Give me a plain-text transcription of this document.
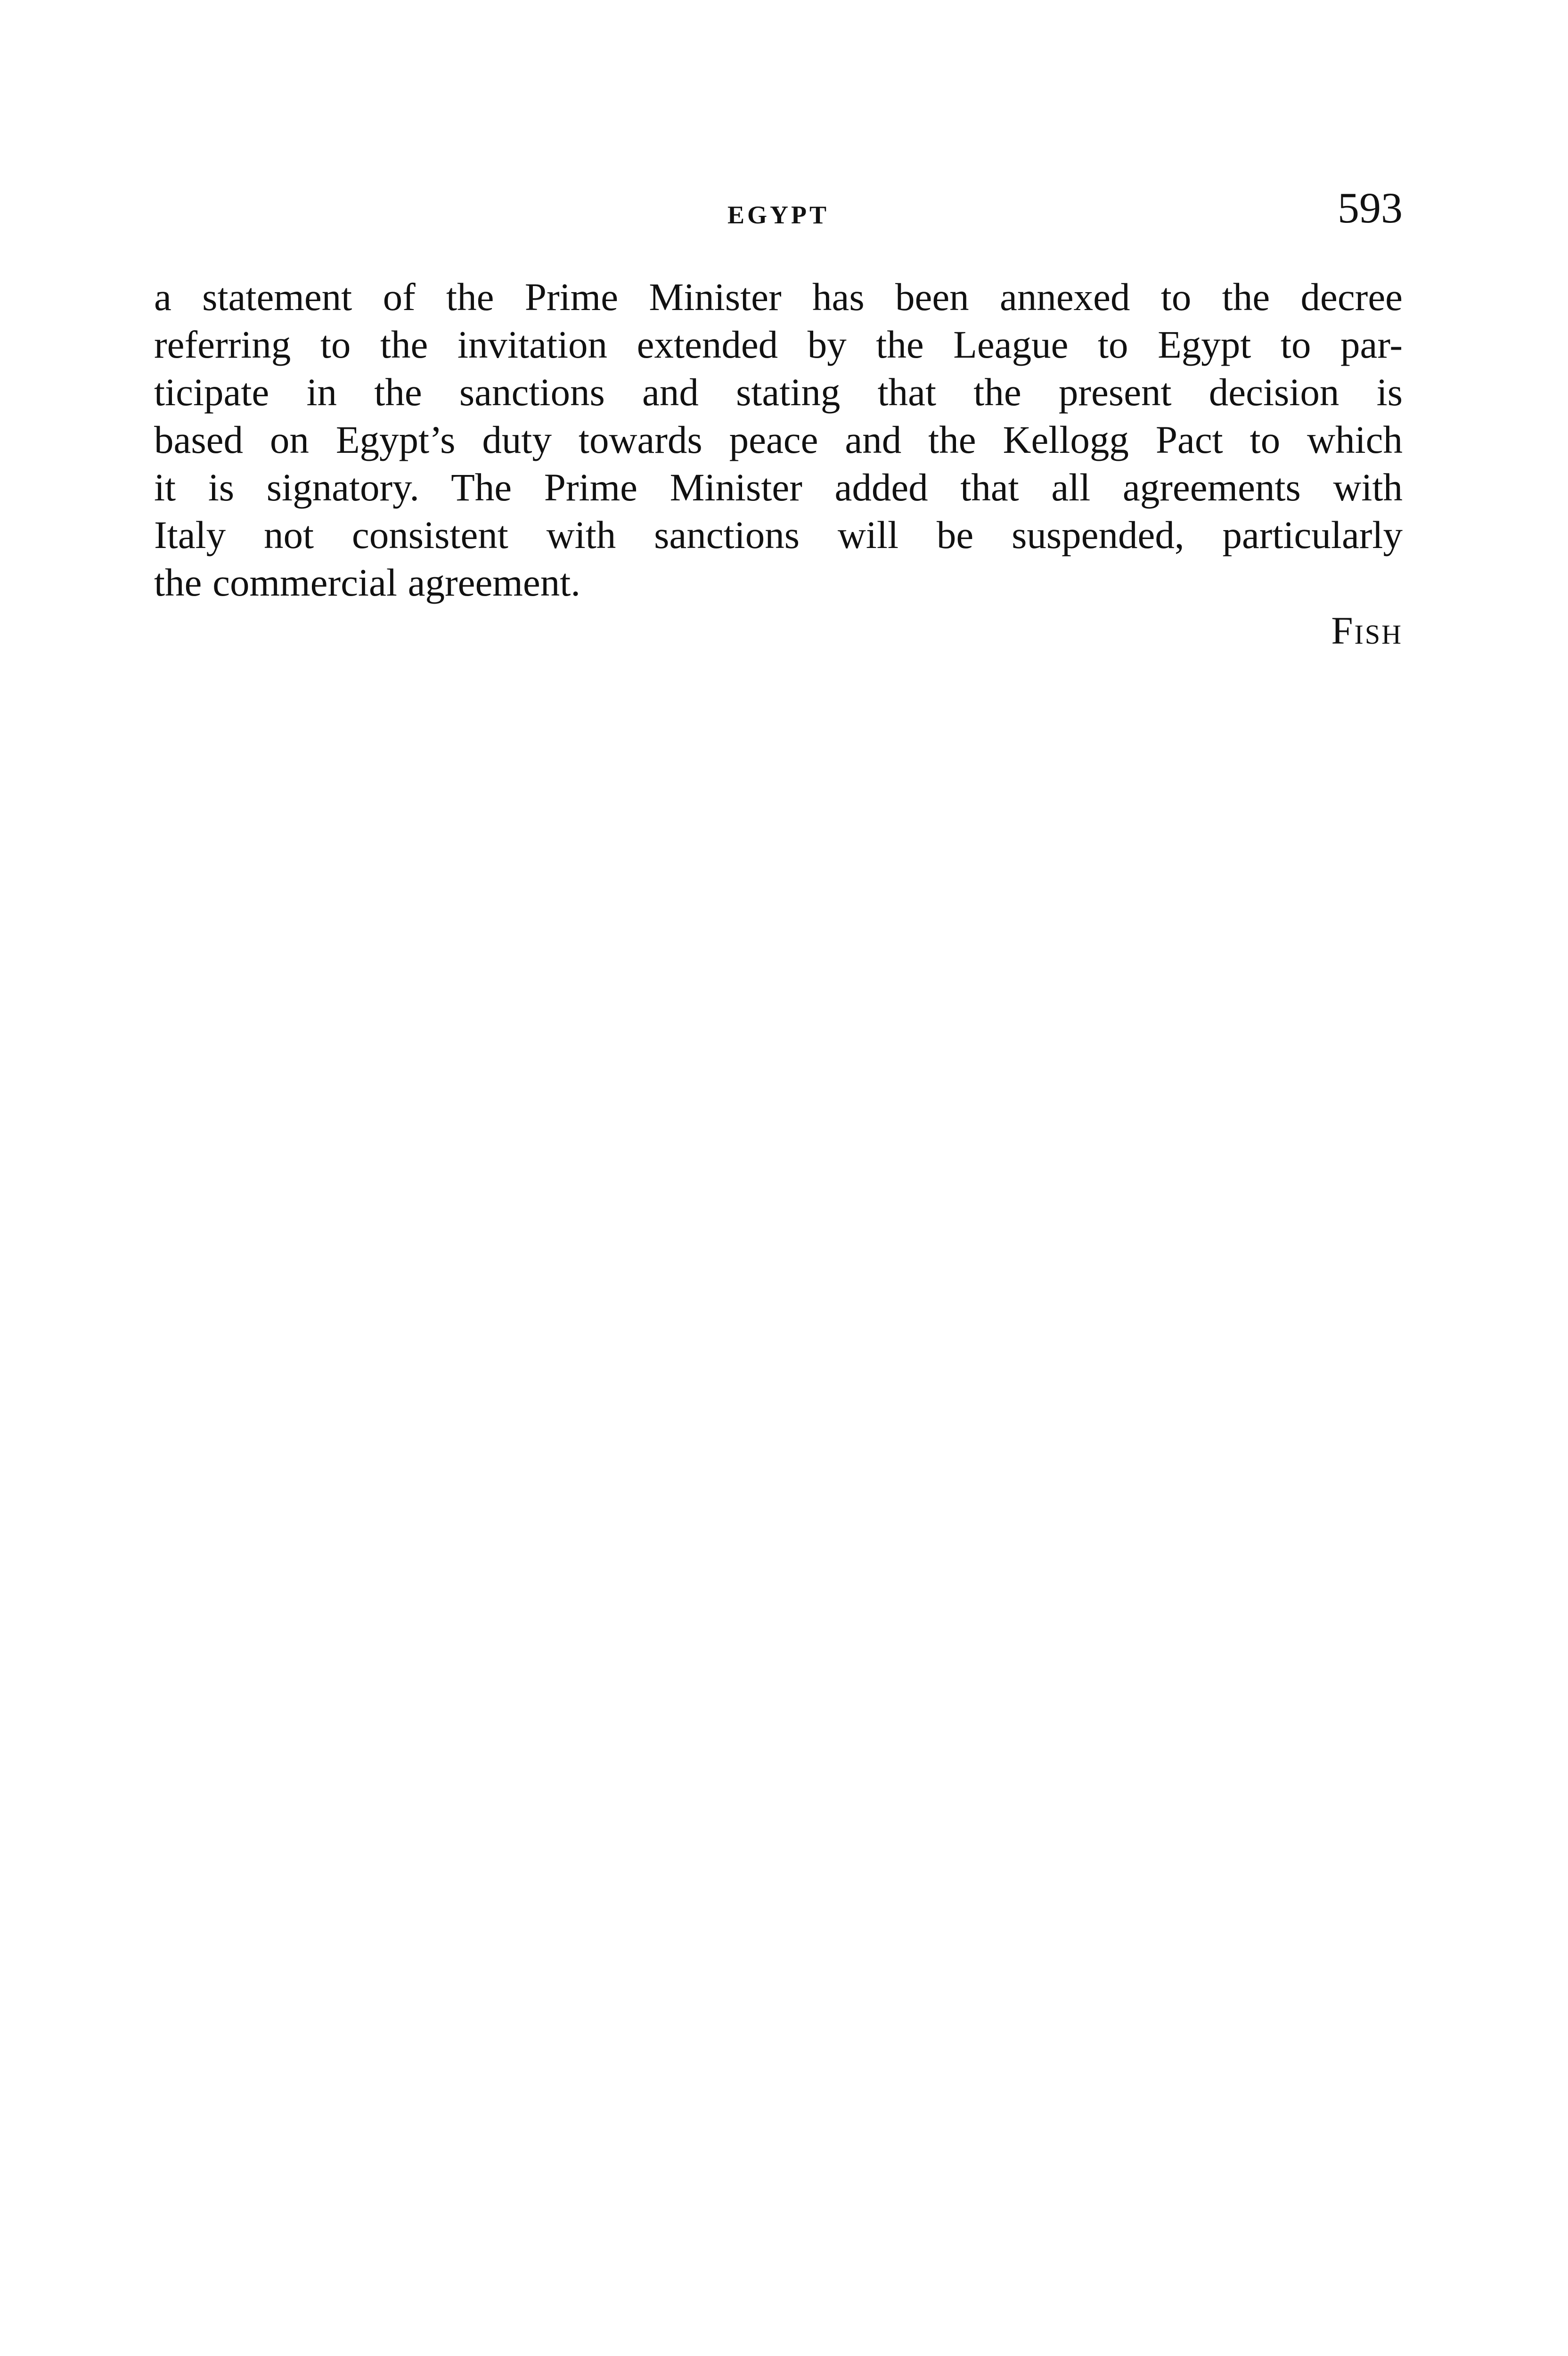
EGYPT	593

a statement of the Prime Minister has been annexed to the decree
referring to the invitation extended by the League to Egypt to par-
ticipate in the sanctions and stating that the present decision is
based on Egypt’s duty towards peace and the Kellogg Pact to which
it is signatory. The Prime Minister added that all agreements with
Italy not consistent with sanctions will be suspended, particularly
the commercial agreement.

Fish
